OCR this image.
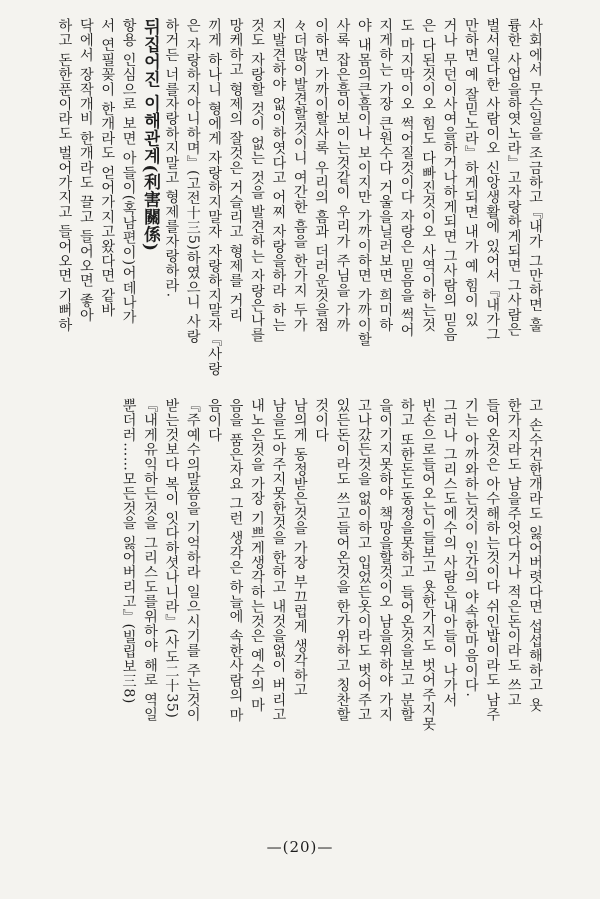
사회에서 무슨일을 조금하고『내가 그만하면 훌
륭한 사업을하엿노라』고자랑하게되면 그사람은
벌서일다한 사람이오 신앙생활에 있어서『내가그
만하면 예 잘믿노라』하게되면 내가 예 힘이 있
거나 무던이사여을하거나하게되면 그사람의 믿음
은 다된것이오 힘도 다빠진것이오 사역이하는것
도 마지막이오 썩어질것이다 자랑은 믿음을 썩어
지게하는 가장 큰원수다 거울을닐러보면 희미하
야 내몸의큰흠이나 보이지만 가까이하면 가까이할
사록 잡은흠이보이는것같이 우리가 주님을 가까
이하면 가까이할사록 우리의 흠과 더러운것을점
々더많이발견할것이니 여간한 흠을 한가지 두가
지발견하야 없이하엿다고 어찌 자랑을하라 하는
것도 자랑할 것이 없는 것을 발견하는 자랑은나를
망케하고 형제의 잘것은 거슬리고 형제를 거리
끼게 하나니 형에게 자랑하지말자 자랑하지말자『사랑
은 자랑하지아니하며』(고전十三5)하였으니 사랑
하거든 너를자랑하지말고 형제를자랑하라.
뒤집어진 이해관계(利害關係)
항용 인심으로 보면 아들이(혹남편이)어데나가
서 연필꽂이 한개라도 얻어가지고왔다면 같바
닥에서 장작개비 한개라도 끌고 들어오면 좋아
하고 돈한푼이라도 벌어가지고 들어오면 기뻐하
고 손수건한개라도 잃어버렷다면 섭섭해하고 욧
한가지라도 남을주엇다거나 적은돈이라도 쓰고
들어온것은 아수해하는것이다 쉬인밥이라도 남주
기는 아까와하는것이 인간의 야속한마음이다.
그러나 그리스도에수의 사람은내아들이 나가서
빈손으로들어오는이들보고 욧한가지도 벗어주지못
하고 또한돈도동정을못하고 들어온것을보고 분할
을이기지못하야 책망을할것이오 남을위하야 가지
고나갔든것을 없이하고 입었든옷이라도 벗어주고
있든돈이라도 쓰고들어온것을 한가위하고 칭찬할
것이다
남의게 동정받은것을 가장 부끄럽게 생각하고
남을도아주지못한것을 한하고 내것을없이 버리고
내노은것을 가장 기쁘게생각하는것은 예수의 마
음을 품은자요 그런 생각은 하늘에 속한사람의 마
음이다
『주예수의말씀을 기억하라 일으시기를 주는것이
받는것보다 복이 잇다하셧나니라』(사도二十35)
『내게유익하든것을 그리스도를위하야 해로 역일
뿐더러……모든것을 잃어버리고』(빌립보三8)
—(20)—
